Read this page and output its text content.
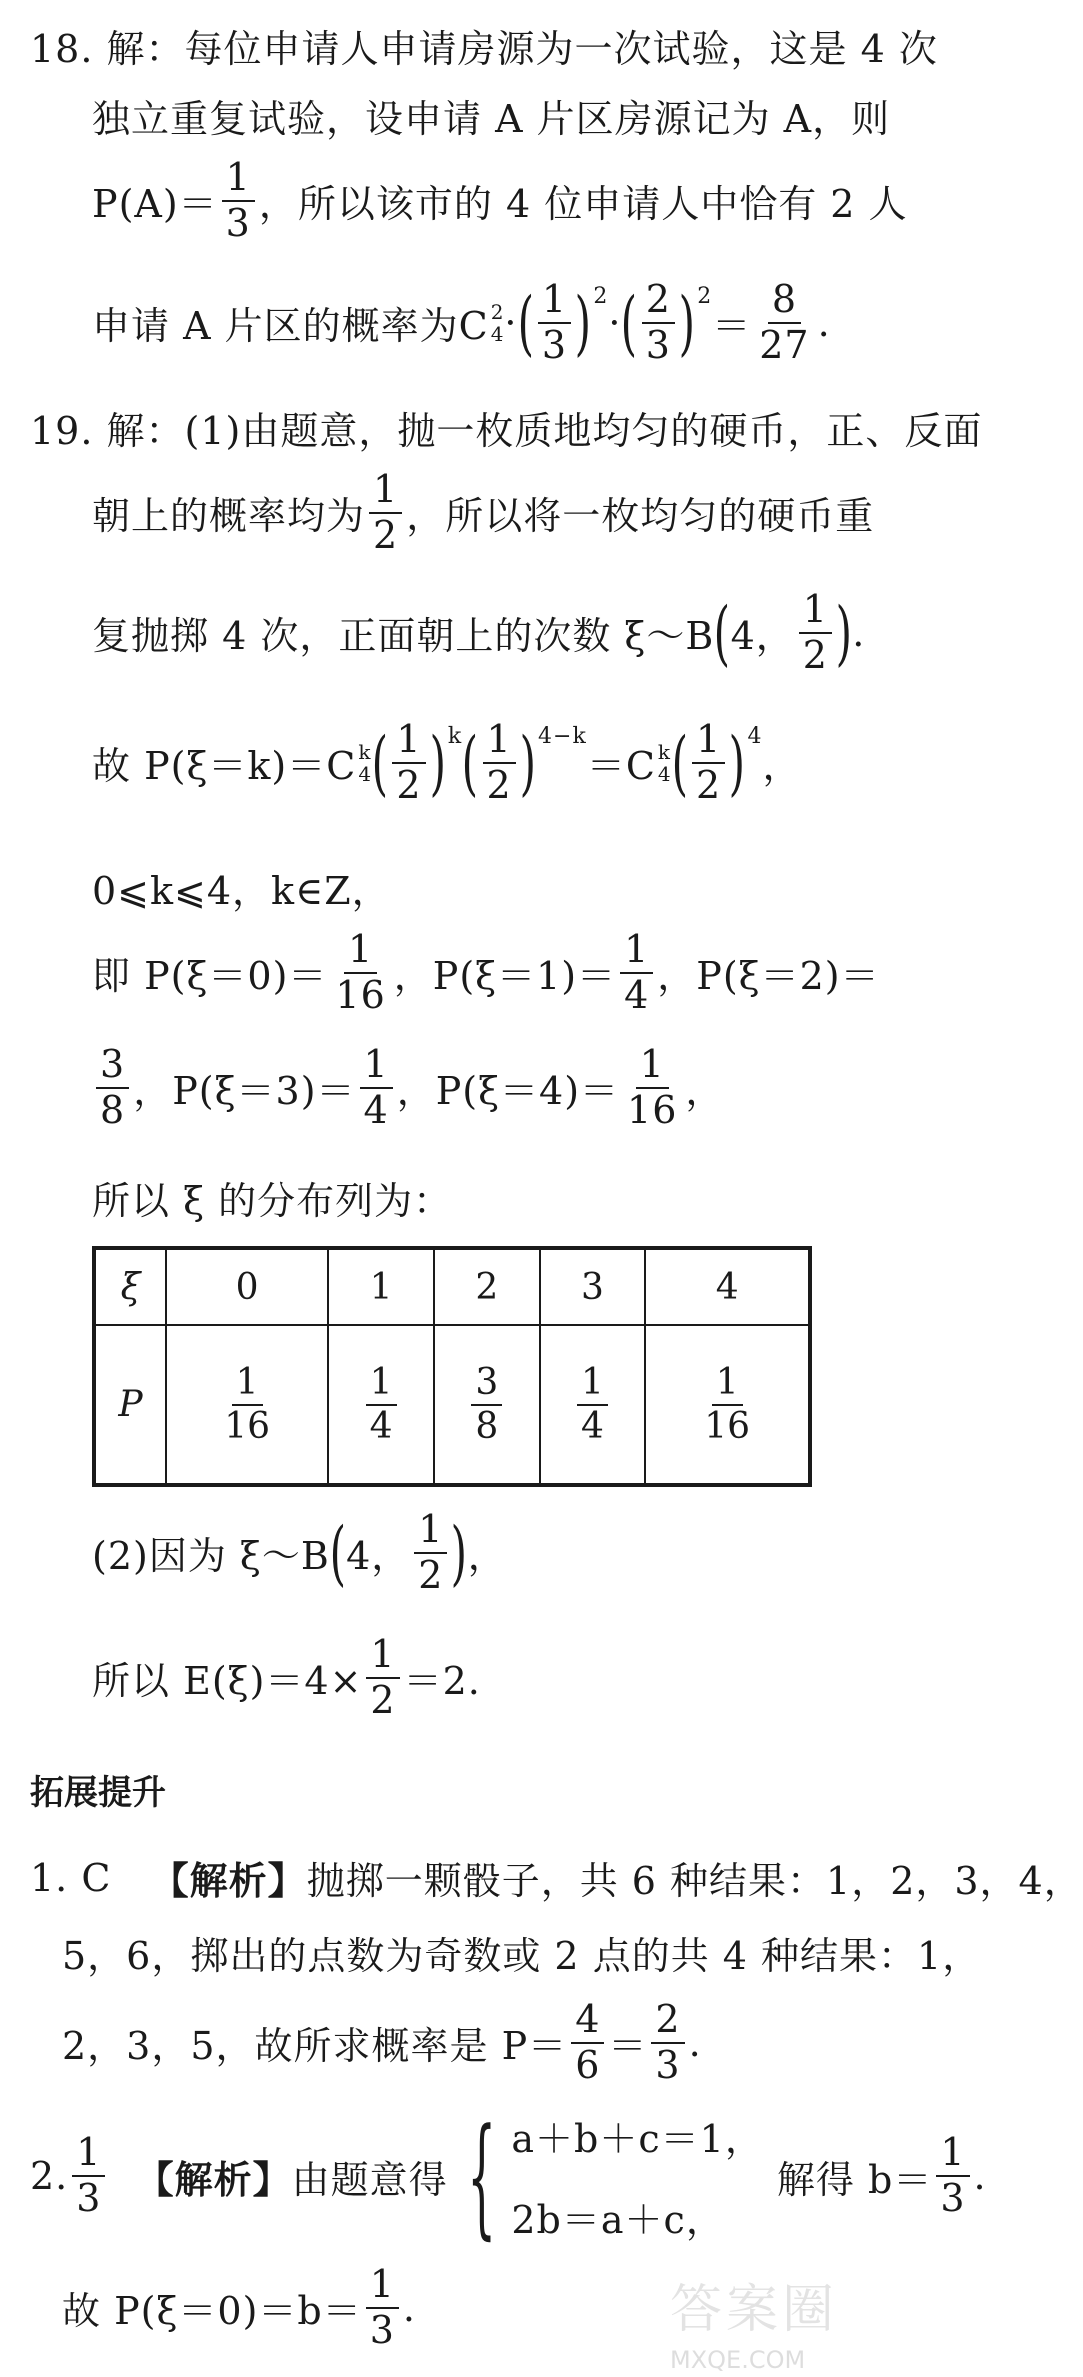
18. 解：每位申请人申请房源为一次试验，这是 4 次
独立重复试验，设申请 A 片区房源记为 A，则
$P(A)= \frac{1}{3}$ ，所以该市的 4 位申请人中恰有 2 人
申请 A 片区的概率为C 2
4 · ( $\frac{1}{3}$ ) 2
· ( $\frac{2}{3}$ ) 2
＝ $\frac{8}{27}$ .
19. 解：(1)由题意，抛一枚质地均匀的硬币，正、反面
朝上的概率均为 $\frac{1}{2}$ ，所以将一枚均匀的硬币重
复抛掷 4 次，正面朝上的次数 ξ～B ( 4， $\frac{1}{2}$ ) .
故 P(ξ＝k)＝C k
4 ( $\frac{1}{2}$ ) k ( $\frac{1}{2}$ ) 4−k
＝C k
4 ( $\frac{1}{2}$ ) 4
，
0⩽k⩽4，k∈Z，
即 $P(\xi=0)= \frac{1}{16}$ ，$P(\xi=1)= \frac{1}{4}$ ，P(ξ＝2)＝
$\frac{3}{8}$ ，$P(\xi=3)= \frac{1}{4}$ ，$P(\xi=4)= \frac{1}{16}$ ，
所以 ξ 的分布列为：
ξ	0	1	2	3	4
P	$\frac{1}{16}$	$\frac{1}{4}$	$\frac{3}{8}$	$\frac{1}{4}$	$\frac{1}{16}$
(2)因为 ξ～B ( 4， $\frac{1}{2}$ ) ，
所以 $E(\xi)=4\times \frac{1}{2} =2$.
拓展提升
1. C
【解析】 抛掷一颗骰子，共 6 种结果：1，2，3，4，
5，6，掷出的点数为奇数或 2 点的共 4 种结果：1，
2，3，5，故所求概率是 $P= \frac{4}{6} = \frac{2}{3}$ .
2. $\frac{1}{3}$
【解析】 由题意得 { a＋b＋c＝1，
2b＝a＋c，

解得 $b= \frac{1}{3}$ .
故 $P(\xi=0)=b= \frac{1}{3}$ .	答案圈
MXQE.COM
